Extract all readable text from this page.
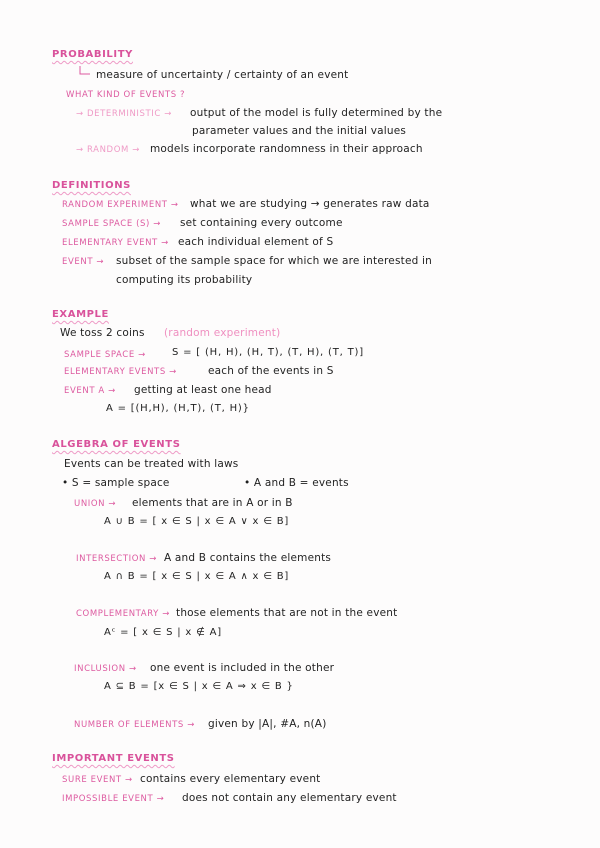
PROBABILITY
measure of uncertainty / certainty of an event
WHAT KIND OF EVENTS ?
→ DETERMINISTIC → output of the model is fully determined by the
parameter values and the initial values
→ RANDOM → models incorporate randomness in their approach
DEFINITIONS
RANDOM EXPERIMENT → what we are studying → generates raw data
SAMPLE SPACE (S) → set containing every outcome
ELEMENTARY EVENT → each individual element of S
EVENT → subset of the sample space for which we are interested in
computing its probability
EXAMPLE
We toss 2 coins (random experiment)
SAMPLE SPACE →	S = [ (H, H), (H, T), (T, H), (T, T)]
ELEMENTARY EVENTS →	each of the events in S
EVENT A → getting at least one head
A = [(H,H), (H,T), (T, H)}
ALGEBRA OF EVENTS
Events can be treated with laws
• S = sample space	• A and B = events
UNION → elements that are in A or in B
A ∪ B = [ x ∈ S | x ∈ A ∨ x ∈ B]
INTERSECTION → A and B contains the elements
A ∩ B = [ x ∈ S | x ∈ A ∧ x ∈ B]
COMPLEMENTARY → those elements that are not in the event
Aᶜ = [ x ∈ S | x ∉ A]
INCLUSION → one event is included in the other
A ⊆ B = [x ∈ S | x ∈ A ⇒ x ∈ B }
NUMBER OF ELEMENTS → given by |A|, #A, n(A)
IMPORTANT EVENTS
SURE EVENT → contains every elementary event
IMPOSSIBLE EVENT → does not contain any elementary event
